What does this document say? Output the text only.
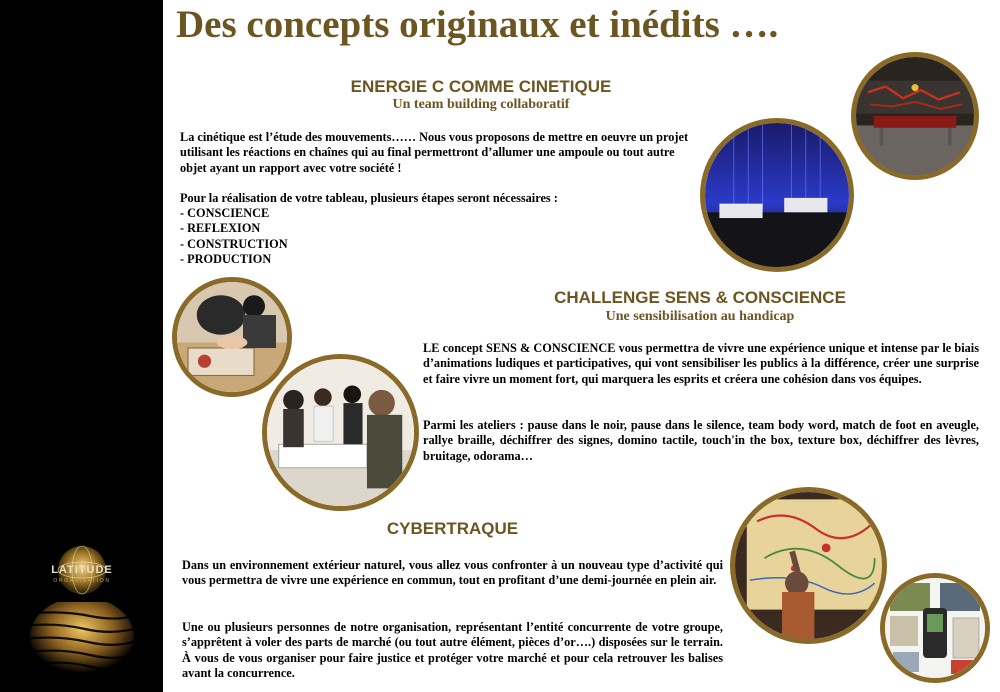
LATITUDE
ORGANISATION
Des concepts originaux et inédits ….
ENERGIE C COMME CINETIQUE
Un team building collaboratif

La cinétique est l’étude des mouvements…… Nous vous proposons de mettre en oeuvre un projet utilisant les réactions en chaînes qui au final permettront d’allumer une ampoule ou tout autre objet ayant un rapport avec votre société !

Pour la réalisation de votre tableau, plusieurs étapes seront nécessaires :

- CONSCIENCE
- REFLEXION
- CONSTRUCTION
- PRODUCTION
CHALLENGE SENS & CONSCIENCE
Une sensibilisation au handicap

LE concept SENS & CONSCIENCE vous permettra de vivre une expérience unique et intense par le biais d’animations ludiques et participatives, qui vont sensibiliser les publics à la différence, créer une surprise et faire vivre un moment fort, qui marquera les esprits et créera une cohésion dans vos équipes.

Parmi les ateliers : pause dans le noir, pause dans le silence, team body word, match de foot en aveugle, rallye braille, déchiffrer des signes, domino tactile, touch'in the box, texture box, déchiffrer des lèvres, bruitage, odorama…

CYBERTRAQUE

Dans un environnement extérieur naturel, vous allez vous confronter à un nouveau type d’activité qui vous permettra de vivre une expérience en commun, tout en profitant d’une demi-journée en plein air.

Une ou plusieurs personnes de notre organisation, représentant l’entité concurrente de votre groupe, s’apprêtent à voler des parts de marché (ou tout autre élément, pièces d’or….) disposées sur le terrain. À vous de vous organiser pour faire justice et protéger votre marché et pour cela retrouver les balises avant la concurrence.
